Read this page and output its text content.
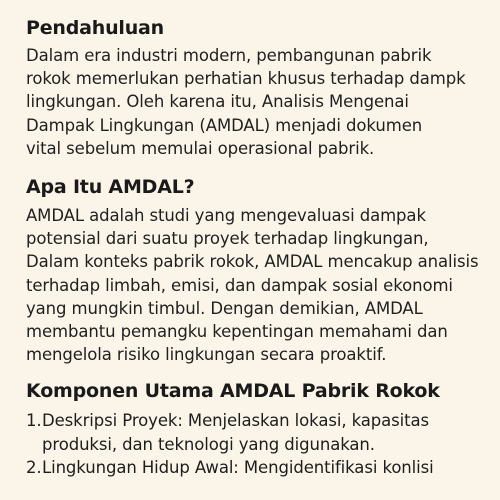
Pendahuluan

Dalam era industri modern, pembangunan pabrik
rokok memerlukan perhatian khusus terhadap dampk
lingkungan. Oleh karena itu, Analisis Mengenai
Dampak Lingkungan (AMDAL) menjadi dokumen
vital sebelum memulai operasional pabrik.

Apa Itu AMDAL?

AMDAL adalah studi yang mengevaluasi dampak
potensial dari suatu proyek terhadap lingkungan,
Dalam konteks pabrik rokok, AMDAL mencakup analisis
terhadap limbah, emisi, dan dampak sosial ekonomi
yang mungkin timbul. Dengan demikian, AMDAL
membantu pemangku kepentingan memahami dan
mengelola risiko lingkungan secara proaktif.

Komponen Utama AMDAL Pabrik Rokok
1. Deskripsi Proyek: Menjelaskan lokasi, kapasitas
produksi, dan teknologi yang digunakan.
2. Lingkungan Hidup Awal: Mengidentifikasi konlisi
